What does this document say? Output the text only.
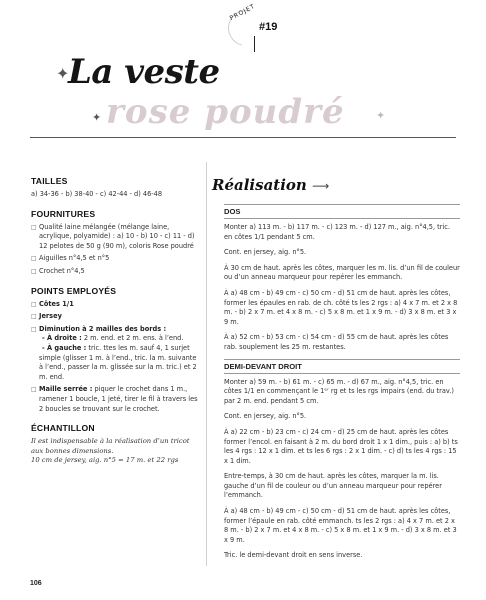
PROJET
#19
✦
✦	✦
La veste
rose poudré
TAILLES
a) 34-36 - b) 38-40 - c) 42-44 - d) 46-48
FOURNITURES
□ Qualité laine mélangée (mélange laine, acrylique, polyamide) : a) 10 - b) 10 - c) 11 - d) 12 pelotes de 50 g (90 m), coloris Rose poudré
□ Aiguilles n°4,5 et n°5
□ Crochet n°4,5
POINTS EMPLOYÉS
□ Côtes 1/1
□ Jersey
□ Diminution à 2 mailles des bords :
- À droite : 2 m. end. et 2 m. ens. à l’end.
- À gauche : tric. ttes les m. sauf 4, 1 surjet simple (glisser 1 m. à l’end., tric. la m. suivante à l’end., passer la m. glissée sur la m. tric.) et 2 m. end.
□ Maille serrée : piquer le crochet dans 1 m., ramener 1 boucle, 1 jeté, tirer le fil à travers les 2 boucles se trouvant sur le crochet.
ÉCHANTILLON
Il est indispensable à la réalisation d’un tricot aux bonnes dimensions.
10 cm de jersey, aig. n°5 = 17 m. et 22 rgs
Réalisation ⟶
DOS
Monter a) 113 m. - b) 117 m. - c) 123 m. - d) 127 m., aig. n°4,5, tric. en côtes 1/1 pendant 5 cm.
Cont. en jersey, aig. n°5.
À 30 cm de haut. après les côtes, marquer les m. lis. d’un fil de couleur ou d’un anneau marqueur pour repérer les emmanch.
À a) 48 cm - b) 49 cm - c) 50 cm - d) 51 cm de haut. après les côtes, former les épaules en rab. de ch. côté ts les 2 rgs : a) 4 x 7 m. et 2 x 8 m. - b) 2 x 7 m. et 4 x 8 m. - c) 5 x 8 m. et 1 x 9 m. - d) 3 x 8 m. et 3 x 9 m.
À a) 52 cm - b) 53 cm - c) 54 cm - d) 55 cm de haut. après les côtes rab. souplement les 25 m. restantes.
DEMI-DEVANT DROIT
Monter a) 59 m. - b) 61 m. - c) 65 m. - d) 67 m., aig. n°4,5, tric. en côtes 1/1 en commençant le 1ᵉʳ rg et ts les rgs impairs (end. du trav.) par 2 m. end. pendant 5 cm.
Cont. en jersey, aig. n°5.
À a) 22 cm - b) 23 cm - c) 24 cm - d) 25 cm de haut. après les côtes former l’encol. en faisant à 2 m. du bord droit 1 x 1 dim., puis : a) b) ts les 4 rgs : 12 x 1 dim. et ts les 6 rgs : 2 x 1 dim. - c) d) ts les 4 rgs : 15 x 1 dim.
Entre-temps, à 30 cm de haut. après les côtes, marquer la m. lis. gauche d’un fil de couleur ou d’un anneau marqueur pour repérer l’emmanch.
À a) 48 cm - b) 49 cm - c) 50 cm - d) 51 cm de haut. après les côtes, former l’épaule en rab. côté emmanch. ts les 2 rgs : a) 4 x 7 m. et 2 x 8 m. - b) 2 x 7 m. et 4 x 8 m. - c) 5 x 8 m. et 1 x 9 m. - d) 3 x 8 m. et 3 x 9 m.
Tric. le demi-devant droit en sens inverse.
106
